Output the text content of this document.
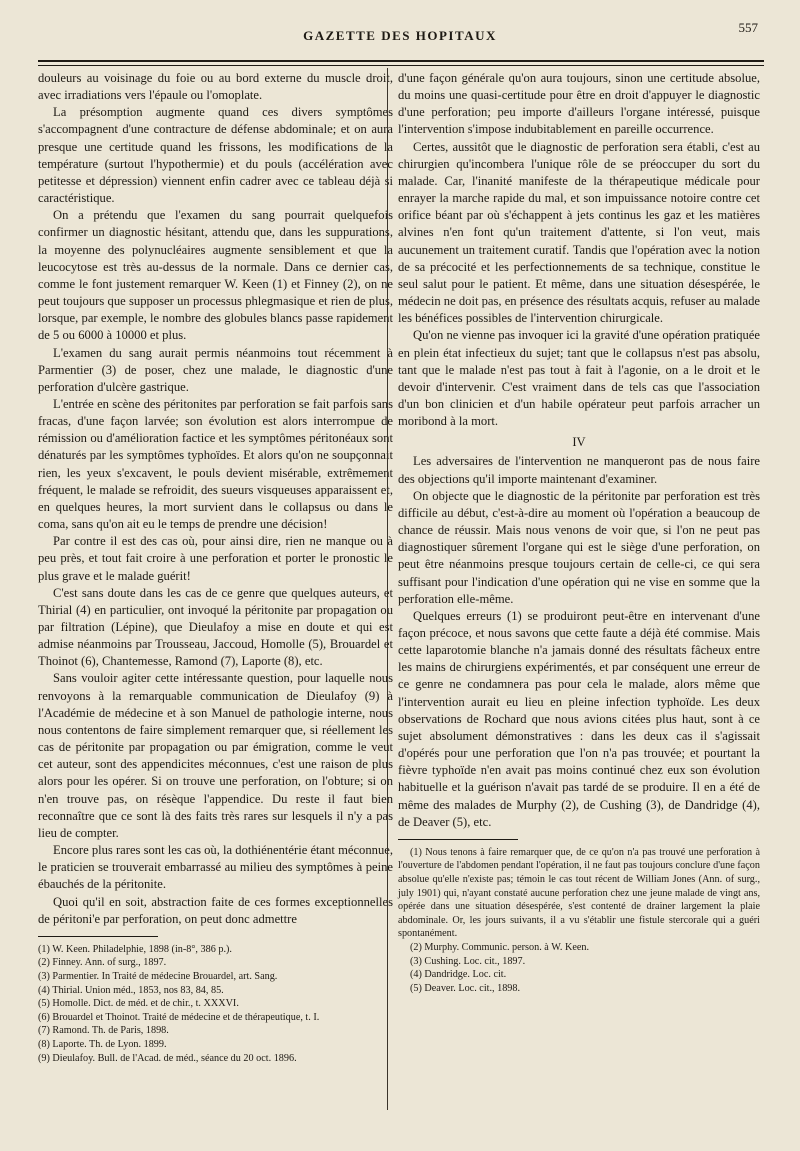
GAZETTE DES HOPITAUX
557

douleurs au voisinage du foie ou au bord externe du muscle droit, avec irradiations vers l'épaule ou l'omoplate.

La présomption augmente quand ces divers symptômes s'accompagnent d'une contracture de défense abdominale; et on aura presque une certitude quand les frissons, les modifications de la température (surtout l'hypothermie) et du pouls (accélération avec petitesse et dépression) viennent enfin cadrer avec ce tableau déjà si caractéristique.

On a prétendu que l'examen du sang pourrait quelquefois confirmer un diagnostic hésitant, attendu que, dans les suppurations, la moyenne des polynucléaires augmente sensiblement et que la leucocytose est très au-dessus de la normale. Dans ce dernier cas, comme le font justement remarquer W. Keen (1) et Finney (2), on ne peut toujours que supposer un processus phlegmasique et rien de plus, lorsque, par exemple, le nombre des globules blancs passe rapidement de 5 ou 6000 à 10000 et plus.

L'examen du sang aurait permis néanmoins tout récemment à Parmentier (3) de poser, chez une malade, le diagnostic d'une perforation d'ulcère gastrique.

L'entrée en scène des péritonites par perforation se fait parfois sans fracas, d'une façon larvée; son évolution est alors interrompue de rémission ou d'amélioration factice et les symptômes péritonéaux sont dénaturés par les symptômes typhoïdes. Et alors qu'on ne soupçonnait rien, les yeux s'excavent, le pouls devient misérable, extrêmement fréquent, le malade se refroidit, des sueurs visqueuses apparaissent et, en quelques heures, la mort survient dans le collapsus ou dans le coma, sans qu'on ait eu le temps de prendre une décision!

Par contre il est des cas où, pour ainsi dire, rien ne manque ou à peu près, et tout fait croire à une perforation et porter le pronostic le plus grave et le malade guérit!

C'est sans doute dans les cas de ce genre que quelques auteurs, et Thirial (4) en particulier, ont invoqué la péritonite par propagation ou par filtration (Lépine), que Dieulafoy a mise en doute et qui est admise néanmoins par Trousseau, Jaccoud, Homolle (5), Brouardel et Thoinot (6), Chantemesse, Ramond (7), Laporte (8), etc.

Sans vouloir agiter cette intéressante question, pour laquelle nous renvoyons à la remarquable communication de Dieulafoy (9) à l'Académie de médecine et à son Manuel de pathologie interne, nous nous contentons de faire simplement remarquer que, si réellement les cas de péritonite par propagation ou par émigration, comme le veut cet auteur, sont des appendicites méconnues, c'est une raison de plus alors pour les opérer. Si on trouve une perforation, on l'obture; si on n'en trouve pas, on résèque l'appendice. Du reste il faut bien reconnaître que ce sont là des faits très rares sur lesquels il n'y a pas lieu de compter.

Encore plus rares sont les cas où, la dothiénentérie étant méconnue, le praticien se trouverait embarrassé au milieu des symptômes à peine ébauchés de la péritonite.

Quoi qu'il en soit, abstraction faite de ces formes exceptionnelles de péritoni'e par perforation, on peut donc admettre

(1) W. Keen. Philadelphie, 1898 (in-8°, 386 p.).
(2) Finney. Ann. of surg., 1897.
(3) Parmentier. In Traité de médecine Brouardel, art. Sang.
(4) Thirial. Union méd., 1853, nos 83, 84, 85.
(5) Homolle. Dict. de méd. et de chir., t. XXXVI.
(6) Brouardel et Thoinot. Traité de médecine et de thérapeutique, t. I.
(7) Ramond. Th. de Paris, 1898.
(8) Laporte. Th. de Lyon. 1899.
(9) Dieulafoy. Bull. de l'Acad. de méd., séance du 20 oct. 1896.

d'une façon générale qu'on aura toujours, sinon une certitude absolue, du moins une quasi-certitude pour être en droit d'appuyer le diagnostic d'une perforation; peu importe d'ailleurs l'organe intéressé, puisque l'intervention s'impose indubitablement en pareille occurrence.

Certes, aussitôt que le diagnostic de perforation sera établi, c'est au chirurgien qu'incombera l'unique rôle de se préoccuper du sort du malade. Car, l'inanité manifeste de la thérapeutique médicale pour enrayer la marche rapide du mal, et son impuissance notoire contre cet orifice béant par où s'échappent à jets continus les gaz et les matières alvines n'en font qu'un traitement d'attente, si l'on veut, mais aucunement un traitement curatif. Tandis que l'opération avec la notion de sa précocité et les perfectionnements de sa technique, constitue le seul salut pour le patient. Et même, dans une situation désespérée, le médecin ne doit pas, en présence des résultats acquis, refuser au malade les bénéfices possibles de l'intervention chirurgicale.

Qu'on ne vienne pas invoquer ici la gravité d'une opération pratiquée en plein état infectieux du sujet; tant que le collapsus n'est pas absolu, tant que le malade n'est pas tout à fait à l'agonie, on a le droit et le devoir d'intervenir. C'est vraiment dans de tels cas que l'association d'un bon clinicien et d'un habile opérateur peut parfois arracher un moribond à la mort.

IV

Les adversaires de l'intervention ne manqueront pas de nous faire des objections qu'il importe maintenant d'examiner.

On objecte que le diagnostic de la péritonite par perforation est très difficile au début, c'est-à-dire au moment où l'opération a beaucoup de chance de réussir. Mais nous venons de voir que, si l'on ne peut pas diagnostiquer sûrement l'organe qui est le siège d'une perforation, on peut être néanmoins presque toujours certain de celle-ci, ce qui sera suffisant pour l'indication d'une opération qui ne vise en somme que la perforation elle-même.

Quelques erreurs (1) se produiront peut-être en intervenant d'une façon précoce, et nous savons que cette faute a déjà été commise. Mais cette laparotomie blanche n'a jamais donné des résultats fâcheux entre les mains de chirurgiens expérimentés, et par conséquent une erreur de ce genre ne condamnera pas pour cela le malade, alors même que l'intervention aurait eu lieu en pleine infection typhoïde. Les deux observations de Rochard que nous avions citées plus haut, sont à ce sujet absolument démonstratives : dans les deux cas il s'agissait d'opérés pour une perforation que l'on n'a pas trouvée; et pourtant la fièvre typhoïde n'en avait pas moins continué chez eux son évolution habituelle et la guérison n'avait pas tardé de se produire. Il en a été de même des malades de Murphy (2), de Cushing (3), de Dandridge (4), de Deaver (5), etc.

(1) Nous tenons à faire remarquer que, de ce qu'on n'a pas trouvé une perforation à l'ouverture de l'abdomen pendant l'opération, il ne faut pas toujours conclure d'une façon absolue qu'elle n'existe pas; témoin le cas tout récent de William Jones (Ann. of surg., july 1901) qui, n'ayant constaté aucune perforation chez une jeune malade de vingt ans, opérée dans une situation désespérée, s'est contenté de drainer largement la plaie abdominale. Or, les jours suivants, il a vu s'établir une fistule stercorale qui a guéri spontanément.
(2) Murphy. Communic. person. à W. Keen.
(3) Cushing. Loc. cit., 1897.
(4) Dandridge. Loc. cit.
(5) Deaver. Loc. cit., 1898.
